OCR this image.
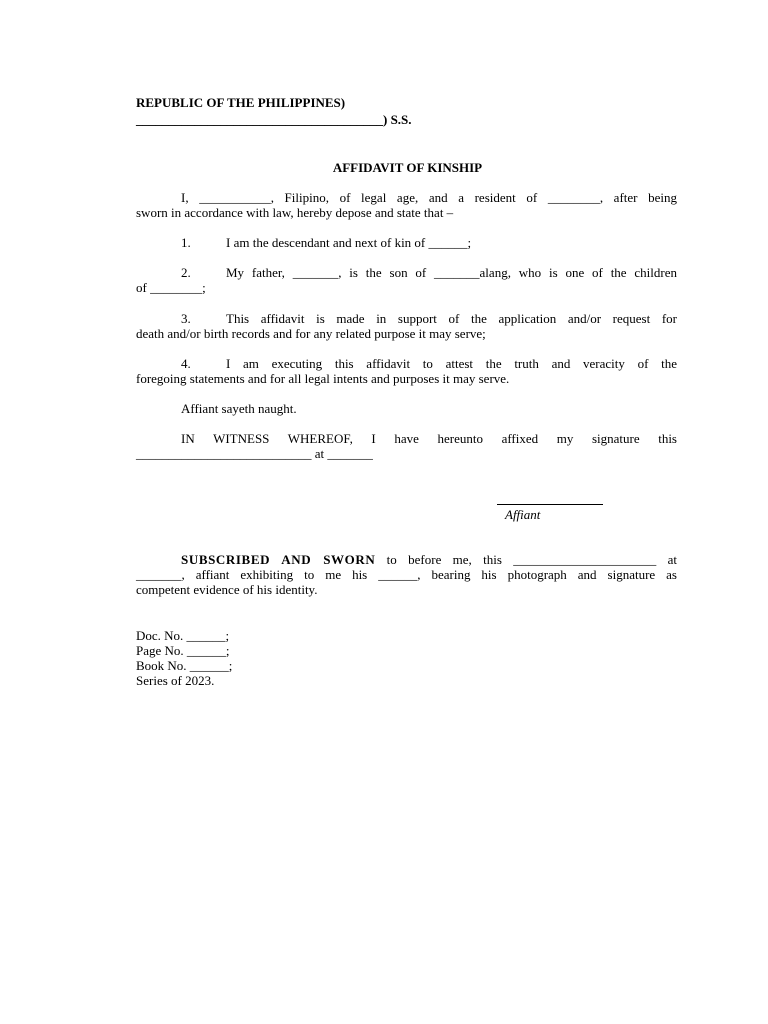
REPUBLIC OF THE PHILIPPINES)
______________________________________) S.S.
AFFIDAVIT OF KINSHIP
I, ___________, Filipino, of legal age, and a resident of ________, after being
sworn in accordance with law, hereby depose and state that –
1.	I am the descendant and next of kin of ______;
2.	My father, _______, is the son of _______alang, who is one of the children
of ________;
3.	This affidavit is made in support of the application and/or request for
death and/or birth records and for any related purpose it may serve;
4.	I am executing this affidavit to attest the truth and veracity of the
foregoing statements and for all legal intents and purposes it may serve.
Affiant sayeth naught.
IN WITNESS WHEREOF, I have hereunto affixed my signature this
___________________________ at _______
Affiant
SUBSCRIBED AND SWORN to before me, this ______________________ at
_______, affiant exhibiting to me his ______, bearing his photograph and signature as
competent evidence of his identity.
Doc. No. ______;
Page No. ______;
Book No. ______;
Series of 2023.
